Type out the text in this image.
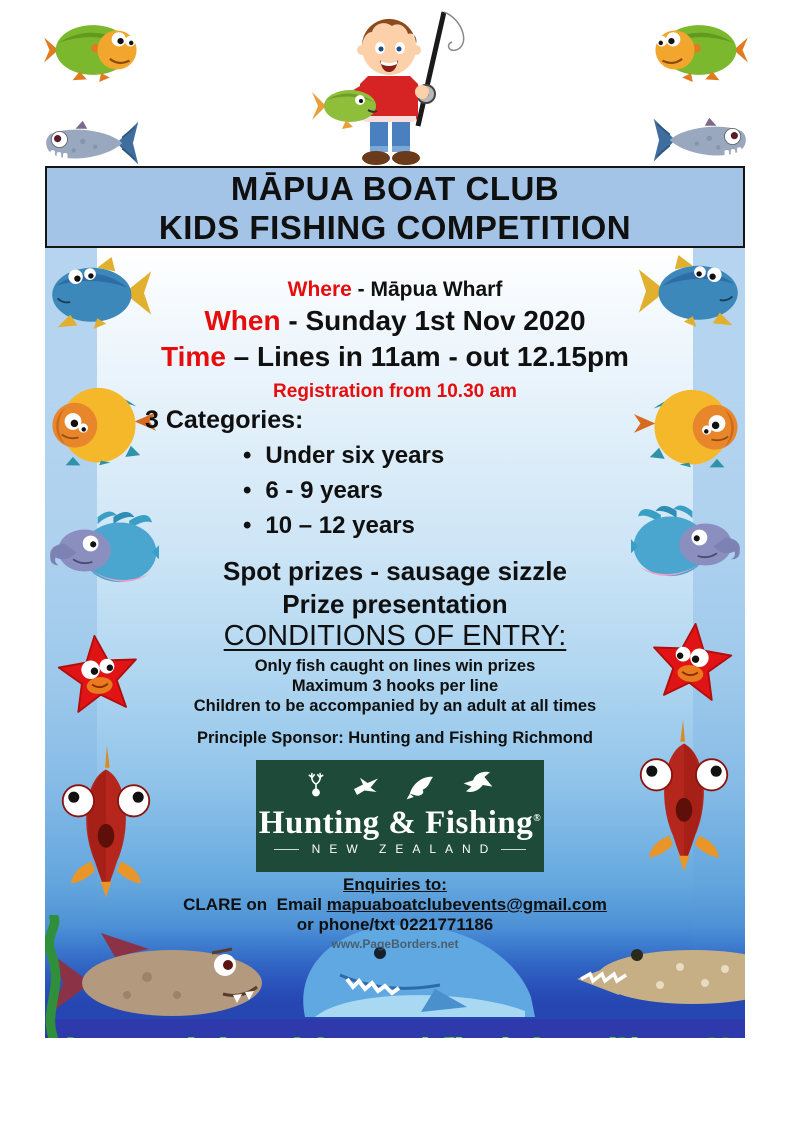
MĀPUA BOAT CLUB
KIDS FISHING COMPETITION
Where - Māpua Wharf
When - Sunday 1st Nov 2020
Time – Lines in 11am - out 12.15pm
Registration from 10.30 am
3 Categories:
• Under six years
• 6 - 9 years
• 10 – 12 years
Spot prizes - sausage sizzle
Prize presentation
CONDITIONS OF ENTRY:
Only fish caught on lines win prizes
Maximum 3 hooks per line
Children to be accompanied by an adult at all times
Principle Sponsor: Hunting and Fishing Richmond
Hunting & Fishing®
NEW ZEALAND
Enquiries to:
CLARE on  Email mapuaboatclubevents@gmail.com
or phone/txt 0221771186
www.PageBorders.net
